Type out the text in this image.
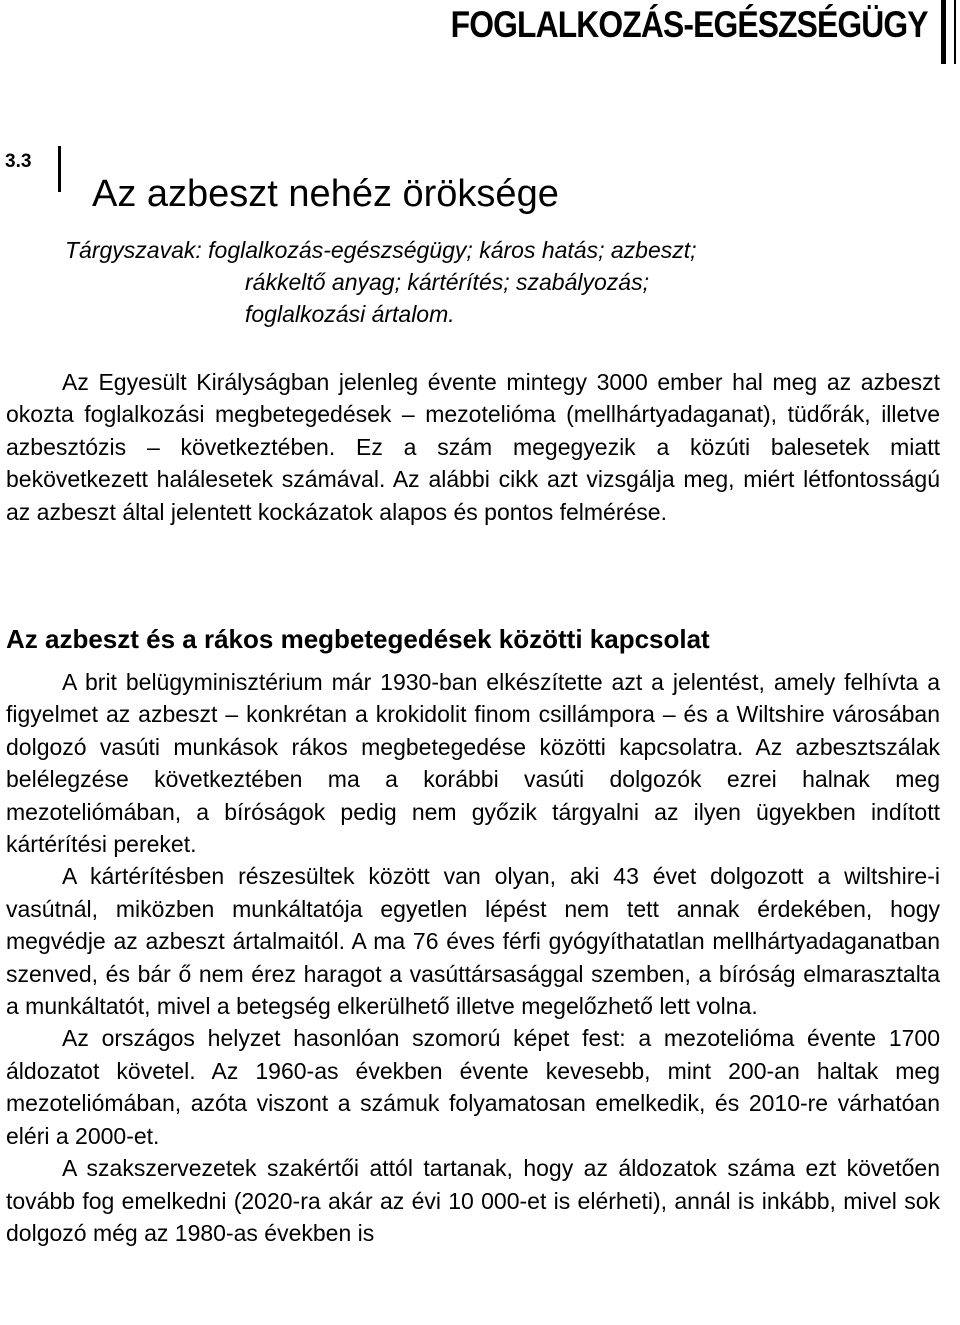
FOGLALKOZÁS-EGÉSZSÉGÜGY
3.3
Az azbeszt nehéz öröksége
Tárgyszavak: foglalkozás-egészségügy; káros hatás; azbeszt;
rákkeltő anyag; kártérítés; szabályozás;
foglalkozási ártalom.

Az Egyesült Királyságban jelenleg évente mintegy 3000 ember hal meg az azbeszt okozta foglalkozási megbetegedések – mezotelióma (mellhártyadaganat), tüdőrák, illetve azbesztózis – következtében. Ez a szám megegyezik a közúti balesetek miatt bekövetkezett halálesetek számával. Az alábbi cikk azt vizsgálja meg, miért létfontosságú az azbeszt által jelentett kockázatok alapos és pontos felmérése.

Az azbeszt és a rákos megbetegedések közötti kapcsolat

A brit belügyminisztérium már 1930-ban elkészítette azt a jelentést, amely felhívta a figyelmet az azbeszt – konkrétan a krokidolit finom csillámpora – és a Wiltshire városában dolgozó vasúti munkások rákos megbetegedése közötti kapcsolatra. Az azbesztszálak belélegzése következtében ma a korábbi vasúti dolgozók ezrei halnak meg mezoteliómában, a bíróságok pedig nem győzik tárgyalni az ilyen ügyekben indított kártérítési pereket.

A kártérítésben részesültek között van olyan, aki 43 évet dolgozott a wiltshire-i vasútnál, miközben munkáltatója egyetlen lépést nem tett annak érdekében, hogy megvédje az azbeszt ártalmaitól. A ma 76 éves férfi gyógyíthatatlan mellhártyadaganatban szenved, és bár ő nem érez haragot a vasúttársasággal szemben, a bíróság elmarasztalta a munkáltatót, mivel a betegség elkerülhető illetve megelőzhető lett volna.

Az országos helyzet hasonlóan szomorú képet fest: a mezotelióma évente 1700 áldozatot követel. Az 1960-as években évente kevesebb, mint 200-an haltak meg mezoteliómában, azóta viszont a számuk folyamatosan emelkedik, és 2010-re várhatóan eléri a 2000-et.

A szakszervezetek szakértői attól tartanak, hogy az áldozatok száma ezt követően tovább fog emelkedni (2020-ra akár az évi 10 000-et is elérheti), annál is inkább, mivel sok dolgozó még az 1980-as években is
